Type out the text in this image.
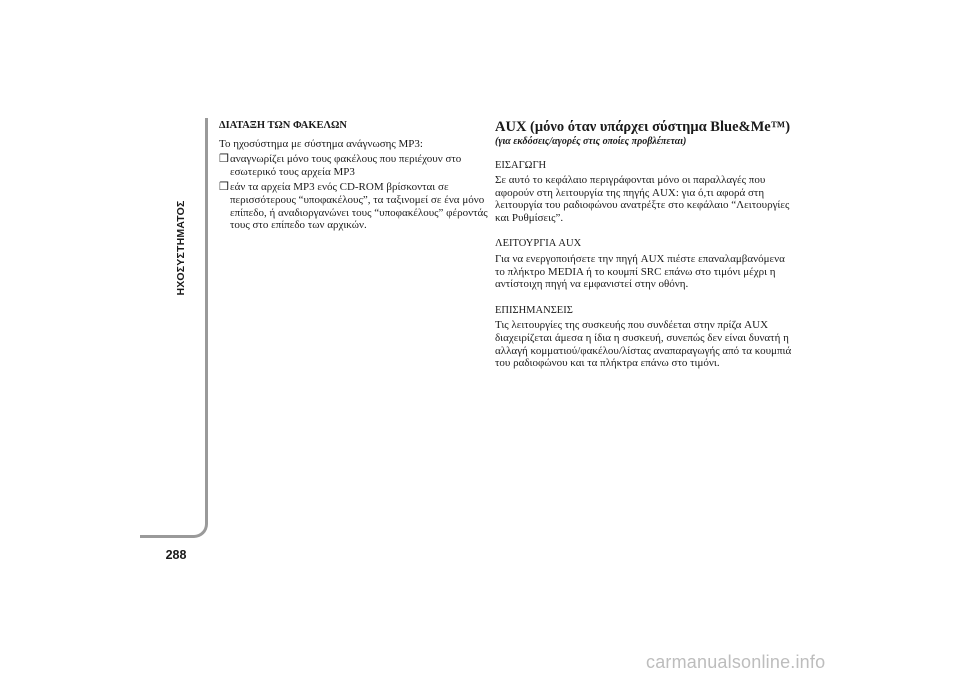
ΗΧΟΣΥΣΤΗΜΑΤΟΣ
288
ΔΙΑΤΑΞΗ ΤΩΝ ΦΑΚΕΛΩΝ

Το ηχοσύστημα με σύστημα ανάγνωσης MP3:

❒ αναγνωρίζει μόνο τους φακέλους που περιέχουν στο εσωτερικό τους αρχεία MP3
❒ εάν τα αρχεία MP3 ενός CD-ROM βρίσκονται σε περισσότερους “υποφακέλους”, τα ταξινομεί σε ένα μόνο επίπεδο, ή αναδιοργανώνει τους “υποφακέλους” φέροντάς τους στο επίπεδο των αρχικών.
AUX (μόνο όταν υπάρχει σύστημα Blue&Me™)
(για εκδόσεις/αγορές στις οποίες προβλέπεται)
ΕΙΣΑΓΩΓΗ

Σε αυτό το κεφάλαιο περιγράφονται μόνο οι παραλλαγές που αφορούν στη λειτουργία της πηγής AUX: για ό,τι αφορά στη λειτουργία του ραδιοφώνου ανατρέξτε στο κεφάλαιο “Λειτουργίες και Ρυθμίσεις”.

ΛΕΙΤΟΥΡΓΙΑ AUX

Για να ενεργοποιήσετε την πηγή AUX πιέστε επαναλαμβανόμενα το πλήκτρο MEDIA ή το κουμπί SRC επάνω στο τιμόνι μέχρι η αντίστοιχη πηγή να εμφανιστεί στην οθόνη.

ΕΠΙΣΗΜΑΝΣΕΙΣ

Τις λειτουργίες της συσκευής που συνδέεται στην πρίζα AUX διαχειρίζεται άμεσα η ίδια η συσκευή, συνεπώς δεν είναι δυνατή η αλλαγή κομματιού/φακέλου/λίστας αναπαραγωγής από τα κουμπιά του ραδιοφώνου και τα πλήκτρα επάνω στο τιμόνι.

carmanualsonline.info
